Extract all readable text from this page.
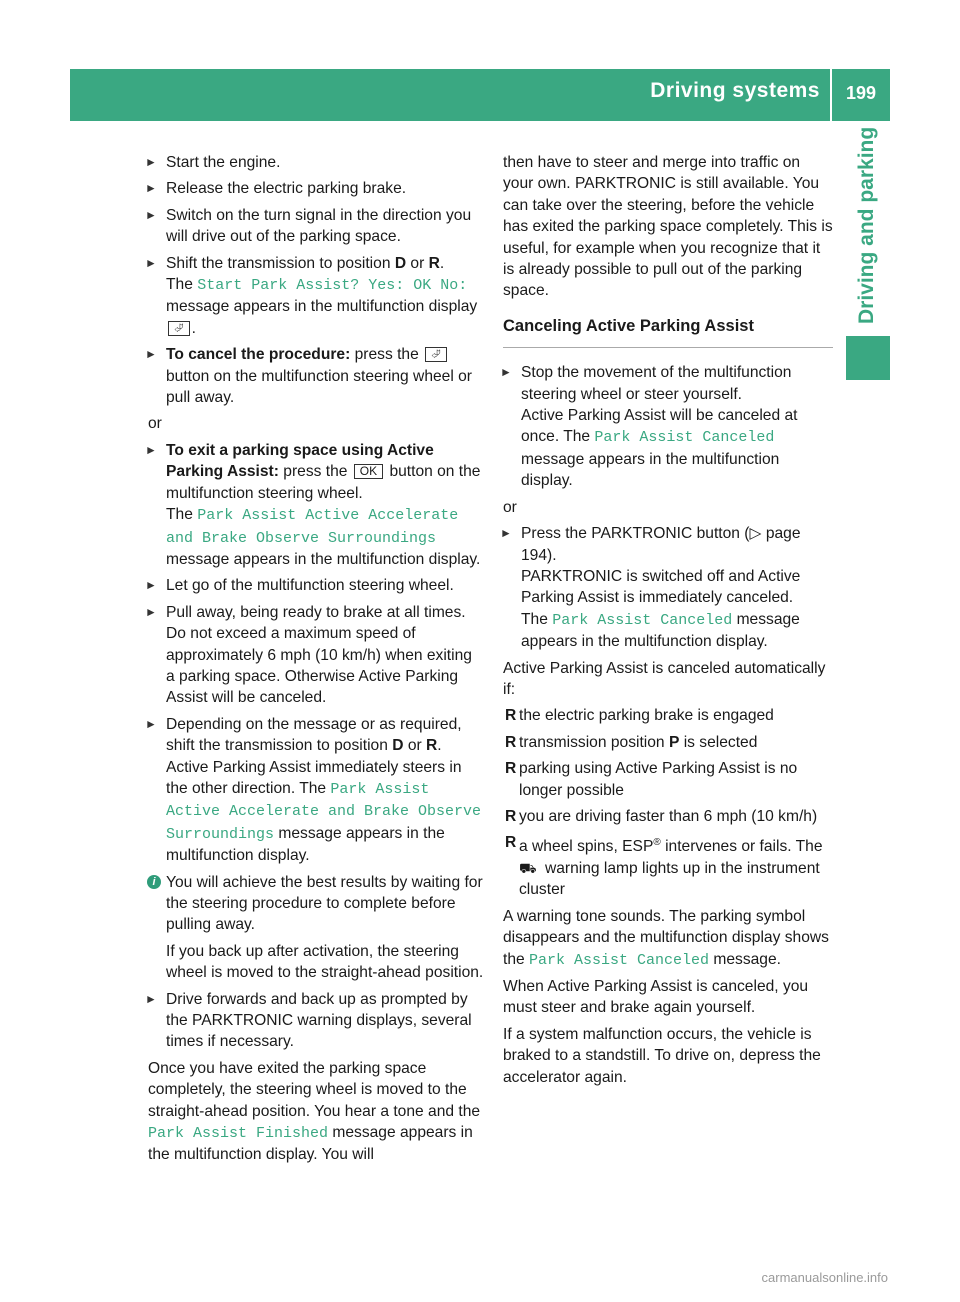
Driving systems	199
Driving and parking
► Start the engine.
► Release the electric parking brake.
► Switch on the turn signal in the direction you will drive out of the parking space.
► Shift the transmission to position D or R.
The Start Park Assist? Yes: OK No: message appears in the multifunction display ⮰ .
► To cancel the procedure: press the ⮰ button on the multifunction steering wheel or pull away.
or
► To exit a parking space using Active Parking Assist: press the OK button on the multifunction steering wheel.
The Park Assist Active Accelerate and Brake Observe Surroundings message appears in the multifunction display.
► Let go of the multifunction steering wheel.
► Pull away, being ready to brake at all times.
Do not exceed a maximum speed of approximately 6 mph (10 km/h) when exiting a parking space. Otherwise Active Parking Assist will be canceled.
► Depending on the message or as required, shift the transmission to position D or R.
Active Parking Assist immediately steers in the other direction. The Park Assist Active Accelerate and Brake Observe Surroundings message appears in the multifunction display.
i You will achieve the best results by waiting for the steering procedure to complete before pulling away.
If you back up after activation, the steering wheel is moved to the straight-ahead position.
► Drive forwards and back up as prompted by the PARKTRONIC warning displays, several times if necessary.
Once you have exited the parking space completely, the steering wheel is moved to the straight-ahead position. You hear a tone and the Park Assist Finished message appears in the multifunction display. You will
then have to steer and merge into traffic on your own. PARKTRONIC is still available. You can take over the steering, before the vehicle has exited the parking space completely. This is useful, for example when you recognize that it is already possible to pull out of the parking space.
Canceling Active Parking Assist
► Stop the movement of the multifunction steering wheel or steer yourself.
Active Parking Assist will be canceled at once. The Park Assist Canceled message appears in the multifunction display.
or
► Press the PARKTRONIC button (▷ page 194).
PARKTRONIC is switched off and Active Parking Assist is immediately canceled.
The Park Assist Canceled message appears in the multifunction display.
Active Parking Assist is canceled automatically if:
R the electric parking brake is engaged
R transmission position P is selected
R parking using Active Parking Assist is no longer possible
R you are driving faster than 6 mph (10 km/h)
R a wheel spins, ESP® intervenes or fails. The
⛟ warning lamp lights up in the instrument cluster
A warning tone sounds. The parking symbol disappears and the multifunction display shows the Park Assist Canceled message.
When Active Parking Assist is canceled, you must steer and brake again yourself.
If a system malfunction occurs, the vehicle is braked to a standstill. To drive on, depress the accelerator again.
carmanualsonline.info
